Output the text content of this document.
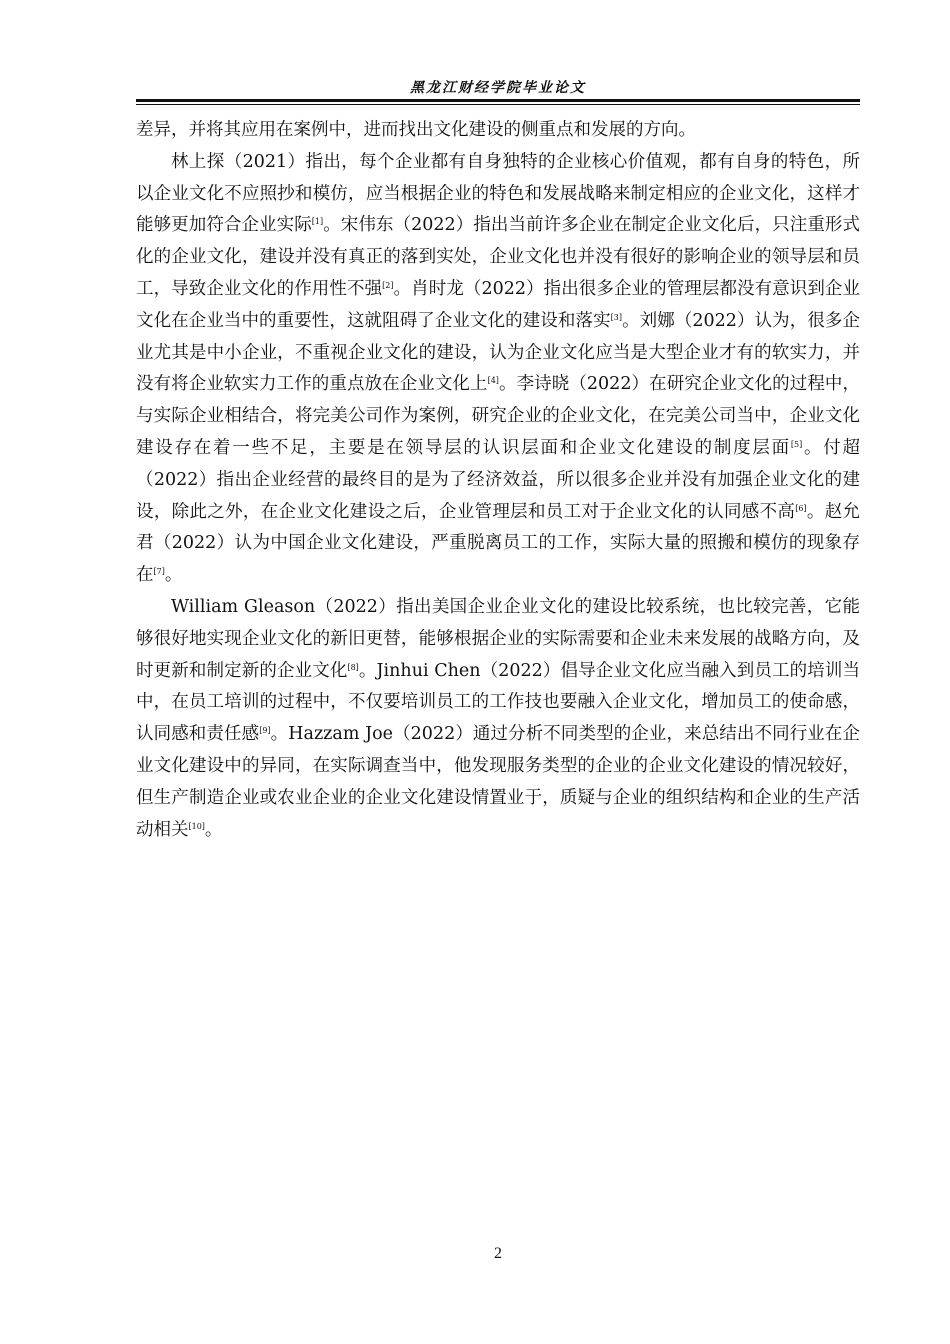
黑龙江财经学院毕业论文

差异，并将其应用在案例中，进而找出文化建设的侧重点和发展的方向。

林上探（2021）指出，每个企业都有自身独特的企业核心价值观，都有自身的特色，所以企业文化不应照抄和模仿，应当根据企业的特色和发展战略来制定相应的企业文化，这样才能够更加符合企业实际[1]。宋伟东（2022）指出当前许多企业在制定企业文化后，只注重形式化的企业文化，建设并没有真正的落到实处，企业文化也并没有很好的影响企业的领导层和员工，导致企业文化的作用性不强[2]。肖时龙（2022）指出很多企业的管理层都没有意识到企业文化在企业当中的重要性，这就阻碍了企业文化的建设和落实[3]。刘娜（2022）认为，很多企业尤其是中小企业，不重视企业文化的建设，认为企业文化应当是大型企业才有的软实力，并没有将企业软实力工作的重点放在企业文化上[4]。李诗晓（2022）在研究企业文化的过程中，与实际企业相结合，将完美公司作为案例，研究企业的企业文化，在完美公司当中，企业文化建设存在着一些不足，主要是在领导层的认识层面和企业文化建设的制度层面[5]。付超（2022）指出企业经营的最终目的是为了经济效益，所以很多企业并没有加强企业文化的建设，除此之外，在企业文化建设之后，企业管理层和员工对于企业文化的认同感不高[6]。赵允君（2022）认为中国企业文化建设，严重脱离员工的工作，实际大量的照搬和模仿的现象存在[7]。

William Gleason（2022）指出美国企业企业文化的建设比较系统，也比较完善，它能够很好地实现企业文化的新旧更替，能够根据企业的实际需要和企业未来发展的战略方向，及时更新和制定新的企业文化[8]。Jinhui Chen（2022）倡导企业文化应当融入到员工的培训当中，在员工培训的过程中，不仅要培训员工的工作技也要融入企业文化，增加员工的使命感，认同感和责任感[9]。Hazzam Joe（2022）通过分析不同类型的企业，来总结出不同行业在企业文化建设中的异同，在实际调查当中，他发现服务类型的企业的企业文化建设的情况较好，但生产制造企业或农业企业的企业文化建设情置业于，质疑与企业的组织结构和企业的生产活动相关[10]。

2
